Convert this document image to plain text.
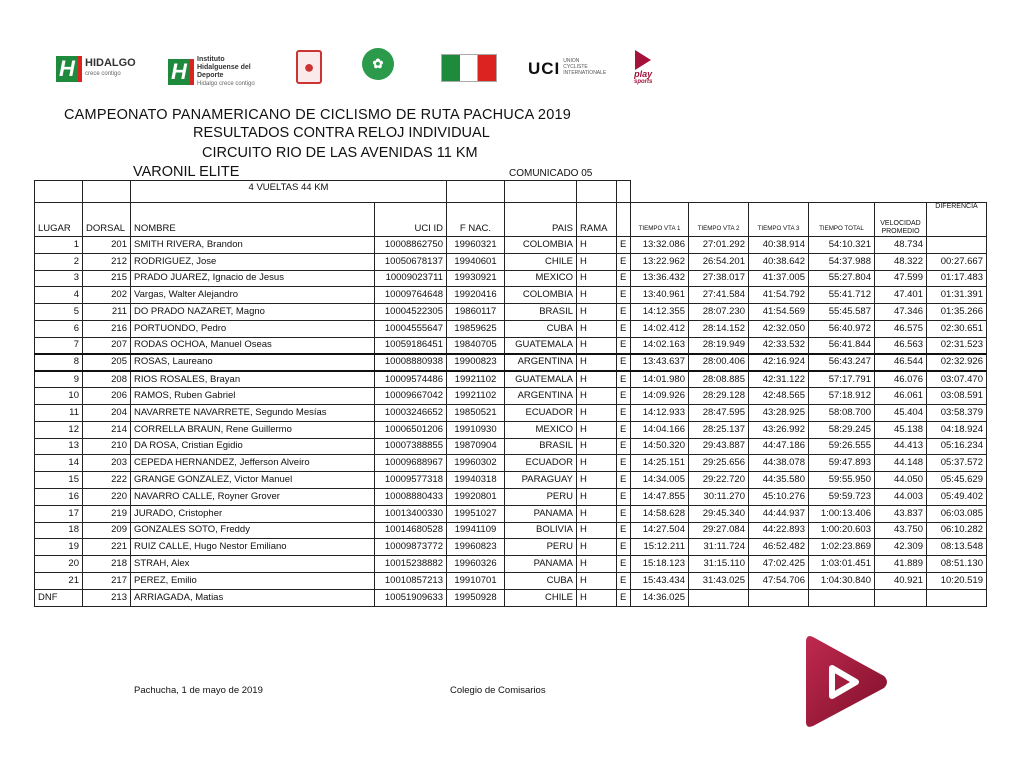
H HIDALGO
crece contigo	H	Instituto Hidalguense del Deporte
Hidalgo crece contigo
●	✿	UCI UNION CYCLISTE INTERNATIONALE	play
sports
CAMPEONATO PANAMERICANO DE CICLISMO DE RUTA PACHUCA 2019
RESULTADOS CONTRA RELOJ INDIVIDUAL
CIRCUITO RIO DE LAS AVENIDAS 11 KM
VARONIL ELITE	COMUNICADO 05
		4 VUELTAS 44 KM											
LUGAR	DORSAL	NOMBRE	UCI ID	F NAC.	PAIS	RAMA		TIEMPO VTA 1	TIEMPO VTA 2	TIEMPO VTA 3	TIEMPO TOTAL	VELOCIDAD PROMEDIO	DIFERENCIA
1	201	SMITH RIVERA, Brandon	10008862750	19960321	COLOMBIA	H	E	13:32.086	27:01.292	40:38.914	54:10.321	48.734	
2	212	RODRIGUEZ, Jose	10050678137	19940601	CHILE	H	E	13:22.962	26:54.201	40:38.642	54:37.988	48.322	00:27.667
3	215	PRADO JUAREZ, Ignacio de Jesus	10009023711	19930921	MEXICO	H	E	13:36.432	27:38.017	41:37.005	55:27.804	47.599	01:17.483
4	202	Vargas, Walter Alejandro	10009764648	19920416	COLOMBIA	H	E	13:40.961	27:41.584	41:54.792	55:41.712	47.401	01:31.391
5	211	DO PRADO NAZARET, Magno	10004522305	19860117	BRASIL	H	E	14:12.355	28:07.230	41:54.569	55:45.587	47.346	01:35.266
6	216	PORTUONDO, Pedro	10004555647	19859625	CUBA	H	E	14:02.412	28:14.152	42:32.050	56:40.972	46.575	02:30.651
7	207	RODAS OCHOA, Manuel Oseas	10059186451	19840705	GUATEMALA	H	E	14:02.163	28:19.949	42:33.532	56:41.844	46.563	02:31.523
8	205	ROSAS, Laureano	10008880938	19900823	ARGENTINA	H	E	13:43.637	28:00.406	42:16.924	56:43.247	46.544	02:32.926
9	208	RIOS ROSALES, Brayan	10009574486	19921102	GUATEMALA	H	E	14:01.980	28:08.885	42:31.122	57:17.791	46.076	03:07.470
10	206	RAMOS, Ruben Gabriel	10009667042	19921102	ARGENTINA	H	E	14:09.926	28:29.128	42:48.565	57:18.912	46.061	03:08.591
11	204	NAVARRETE NAVARRETE, Segundo Mesías	10003246652	19850521	ECUADOR	H	E	14:12.933	28:47.595	43:28.925	58:08.700	45.404	03:58.379
12	214	CORRELLA BRAUN, Rene Guillermo	10006501206	19910930	MEXICO	H	E	14:04.166	28:25.137	43:26.992	58:29.245	45.138	04:18.924
13	210	DA ROSA, Cristian Egidio	10007388855	19870904	BRASIL	H	E	14:50.320	29:43.887	44:47.186	59:26.555	44.413	05:16.234
14	203	CEPEDA HERNANDEZ, Jefferson Alveiro	10009688967	19960302	ECUADOR	H	E	14:25.151	29:25.656	44:38.078	59:47.893	44.148	05:37.572
15	222	GRANGE GONZALEZ, Victor Manuel	10009577318	19940318	PARAGUAY	H	E	14:34.005	29:22.720	44:35.580	59:55.950	44.050	05:45.629
16	220	NAVARRO CALLE, Royner Grover	10008880433	19920801	PERU	H	E	14:47.855	30:11.270	45:10.276	59:59.723	44.003	05:49.402
17	219	JURADO, Cristopher	10013400330	19951027	PANAMA	H	E	14:58.628	29:45.340	44:44.937	1:00:13.406	43.837	06:03.085
18	209	GONZALES SOTO, Freddy	10014680528	19941109	BOLIVIA	H	E	14:27.504	29:27.084	44:22.893	1:00:20.603	43.750	06:10.282
19	221	RUIZ CALLE, Hugo Nestor Emiliano	10009873772	19960823	PERU	H	E	15:12.211	31:11.724	46:52.482	1:02:23.869	42.309	08:13.548
20	218	STRAH, Alex	10015238882	19960326	PANAMA	H	E	15:18.123	31:15.110	47:02.425	1:03:01.451	41.889	08:51.130
21	217	PEREZ, Emilio	10010857213	19910701	CUBA	H	E	15:43.434	31:43.025	47:54.706	1:04:30.840	40.921	10:20.519
DNF	213	ARRIAGADA, Matias	10051909633	19950928	CHILE	H	E	14:36.025					
Pachucha, 1 de mayo de 2019	Colegio de Comisarios
